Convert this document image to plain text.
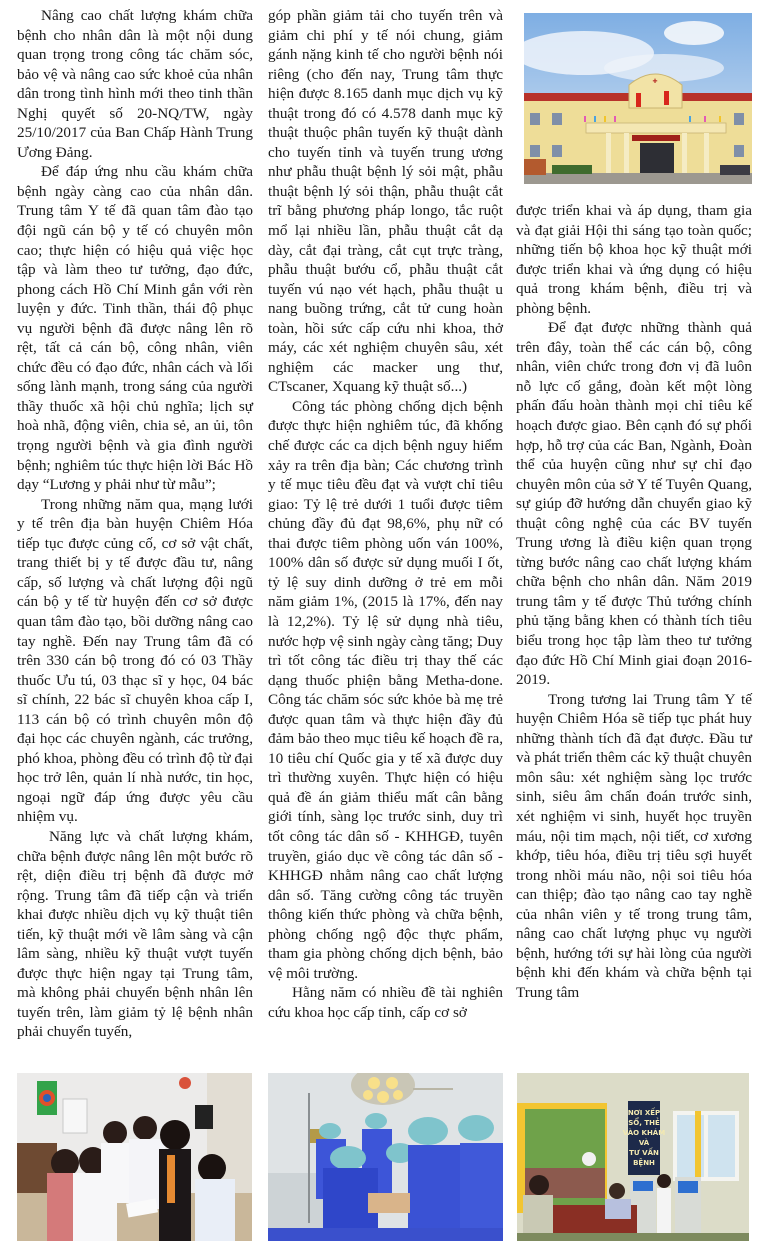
Nâng cao chất lượng khám chữa bệnh cho nhân dân là một nội dung quan trọng trong công tác chăm sóc, bảo vệ và nâng cao sức khoẻ của nhân dân trong tình hình mới theo tinh thần Nghị quyết số 20-NQ/TW, ngày 25/10/2017 của Ban Chấp Hành Trung Ương Đảng.

Để đáp ứng nhu cầu khám chữa bệnh ngày càng cao của nhân dân. Trung tâm Y tế đã quan tâm đào tạo đội ngũ cán bộ y tế có chuyên môn cao; thực hiện có hiệu quả việc học tập và làm theo tư tưởng, đạo đức, phong cách Hồ Chí Minh gắn với rèn luyện y đức. Tinh thần, thái độ phục vụ người bệnh đã được nâng lên rõ rệt, tất cả cán bộ, công nhân, viên chức đều có đạo đức, nhân cách và lối sống lành mạnh, trong sáng của người thầy thuốc xã hội chủ nghĩa; lịch sự hoà nhã, động viên, chia sẻ, an ủi, tôn trọng người bệnh và gia đình người bệnh; nghiêm túc thực hiện lời Bác Hồ dạy “Lương y phải như từ mẫu”;

Trong những năm qua, mạng lưới y tế trên địa bàn huyện Chiêm Hóa tiếp tục được củng cố, cơ sở vật chất, trang thiết bị y tế được đầu tư, nâng cấp, số lượng và chất lượng đội ngũ cán bộ y tế từ huyện đến cơ sở được quan tâm đào tạo, bồi dưỡng nâng cao tay nghề. Đến nay Trung tâm đã có trên 330 cán bộ trong đó có 03 Thầy thuốc Ưu tú, 03 thạc sĩ y học, 04 bác sĩ chính, 22 bác sĩ chuyên khoa cấp I, 113 cán bộ có trình chuyên môn độ đại học các chuyên ngành, các trưởng, phó khoa, phòng đều có trình độ từ đại học trở lên, quản lí nhà nước, tin học, ngoại ngữ đáp ứng được yêu cầu nhiệm vụ.

Năng lực và chất lượng khám, chữa bệnh được nâng lên một bước rõ rệt, diện điều trị bệnh đã được mở rộng. Trung tâm đã tiếp cận và triển khai được nhiều dịch vụ kỹ thuật tiên tiến, kỹ thuật mới về lâm sàng và cận lâm sàng, nhiều kỹ thuật vượt tuyến được thực hiện ngay tại Trung tâm, mà không phải chuyển bệnh nhân lên tuyến trên, làm giảm tỷ lệ bệnh nhân phải chuyển tuyến,

góp phần giảm tải cho tuyến trên và giảm chi phí y tế nói chung, giảm gánh nặng kinh tế cho người bệnh nói riêng (cho đến nay, Trung tâm thực hiện được 8.165 danh mục dịch vụ kỹ thuật trong đó có 4.578 danh mục kỹ thuật thuộc phân tuyến kỹ thuật dành cho tuyến tỉnh và tuyến trung ương như phẫu thuật bệnh lý sỏi mật, phẫu thuật bệnh lý sỏi thận, phẫu thuật cắt trĩ bằng phương pháp longo, tắc ruột mổ lại nhiều lần, phẫu thuật cắt dạ dày, cắt đại tràng, cắt cụt trực tràng, phẫu thuật bướu cổ, phẫu thuật cắt tuyến vú nạo vét hạch, phẫu thuật u nang buồng trứng, cắt tử cung hoàn toàn, hồi sức cấp cứu nhi khoa, thở máy, các xét nghiệm chuyên sâu, xét nghiệm các macker ung thư, CTscaner, Xquang kỹ thuật số...)

Công tác phòng chống dịch bệnh được thực hiện nghiêm túc, đã khống chế được các ca dịch bệnh nguy hiểm xảy ra trên địa bàn; Các chương trình y tế mục tiêu đều đạt và vượt chỉ tiêu giao: Tỷ lệ trẻ dưới 1 tuổi được tiêm chủng đầy đủ đạt 98,6%, phụ nữ có thai được tiêm phòng uốn ván 100%, 100% dân số được sử dụng muối I ốt, tỷ lệ suy dinh dưỡng ở trẻ em mỗi năm giảm 1%, (2015 là 17%, đến nay là 12,2%). Tỷ lệ sử dụng nhà tiêu, nước hợp vệ sinh ngày càng tăng; Duy trì tốt công tác điều trị thay thế các dạng thuốc phiện bằng Metha-done. Công tác chăm sóc sức khỏe bà mẹ trẻ được quan tâm và thực hiện đầy đủ đảm bảo theo mục tiêu kế hoạch đề ra, 10 tiêu chí Quốc gia y tế xã được duy trì thường xuyên. Thực hiện có hiệu quả đề án giảm thiểu mất cân bằng giới tính, sàng lọc trước sinh, duy trì tốt công tác dân số - KHHGĐ, tuyên truyền, giáo dục về công tác dân số - KHHGĐ nhằm nâng cao chất lượng dân số. Tăng cường công tác truyền thông kiến thức phòng và chữa bệnh, phòng chống ngộ độc thực phẩm, tham gia phòng chống dịch bệnh, bảo vệ môi trường.

Hằng năm có nhiều đề tài nghiên cứu khoa học cấp tỉnh, cấp cơ sở

được triển khai và áp dụng, tham gia và đạt giải Hội thi sáng tạo toàn quốc; những tiến bộ khoa học kỹ thuật mới được triển khai và ứng dụng có hiệu quả trong khám bệnh, điều trị và phòng bệnh.

Để đạt được những thành quả trên đây, toàn thể các cán bộ, công nhân, viên chức trong đơn vị đã luôn nỗ lực cố gắng, đoàn kết một lòng phấn đấu hoàn thành mọi chỉ tiêu kế hoạch được giao. Bên cạnh đó sự phối hợp, hỗ trợ của các Ban, Ngành, Đoàn thể của huyện cũng như sự chỉ đạo chuyên môn của sở Y tế Tuyên Quang, sự giúp đỡ hướng dẫn chuyển giao kỹ thuật công nghệ của các BV tuyến Trung ương là điều kiện quan trọng từng bước nâng cao chất lượng khám chữa bệnh cho nhân dân. Năm 2019 trung tâm y tế được Thủ tướng chính phủ tặng bằng khen có thành tích tiêu biểu trong học tập làm theo tư tưởng đạo đức Hồ Chí Minh giai đoạn 2016-2019.

Trong tương lai Trung tâm Y tế huyện Chiêm Hóa sẽ tiếp tục phát huy những thành tích đã đạt được. Đầu tư và phát triển thêm các kỹ thuật chuyên môn sâu: xét nghiệm sàng lọc trước sinh, siêu âm chẩn đoán trước sinh, xét nghiệm vi sinh, huyết học truyền máu, nội tim mạch, nội tiết, cơ xương khớp, tiêu hóa, điều trị tiêu sợi huyết trong nhồi máu não, nội soi tiêu hóa can thiệp; đào tạo nâng cao tay nghề của nhân viên y tế trong trung tâm, nâng cao chất lượng phục vụ người bệnh, hướng tới sự hài lòng của người bệnh khi đến khám và chữa bệnh tại Trung tâm

✚
NƠI XẾP
SỔ, THẺ
VÀO KHÁM
VÀ
TƯ VẤN
BỆNH
